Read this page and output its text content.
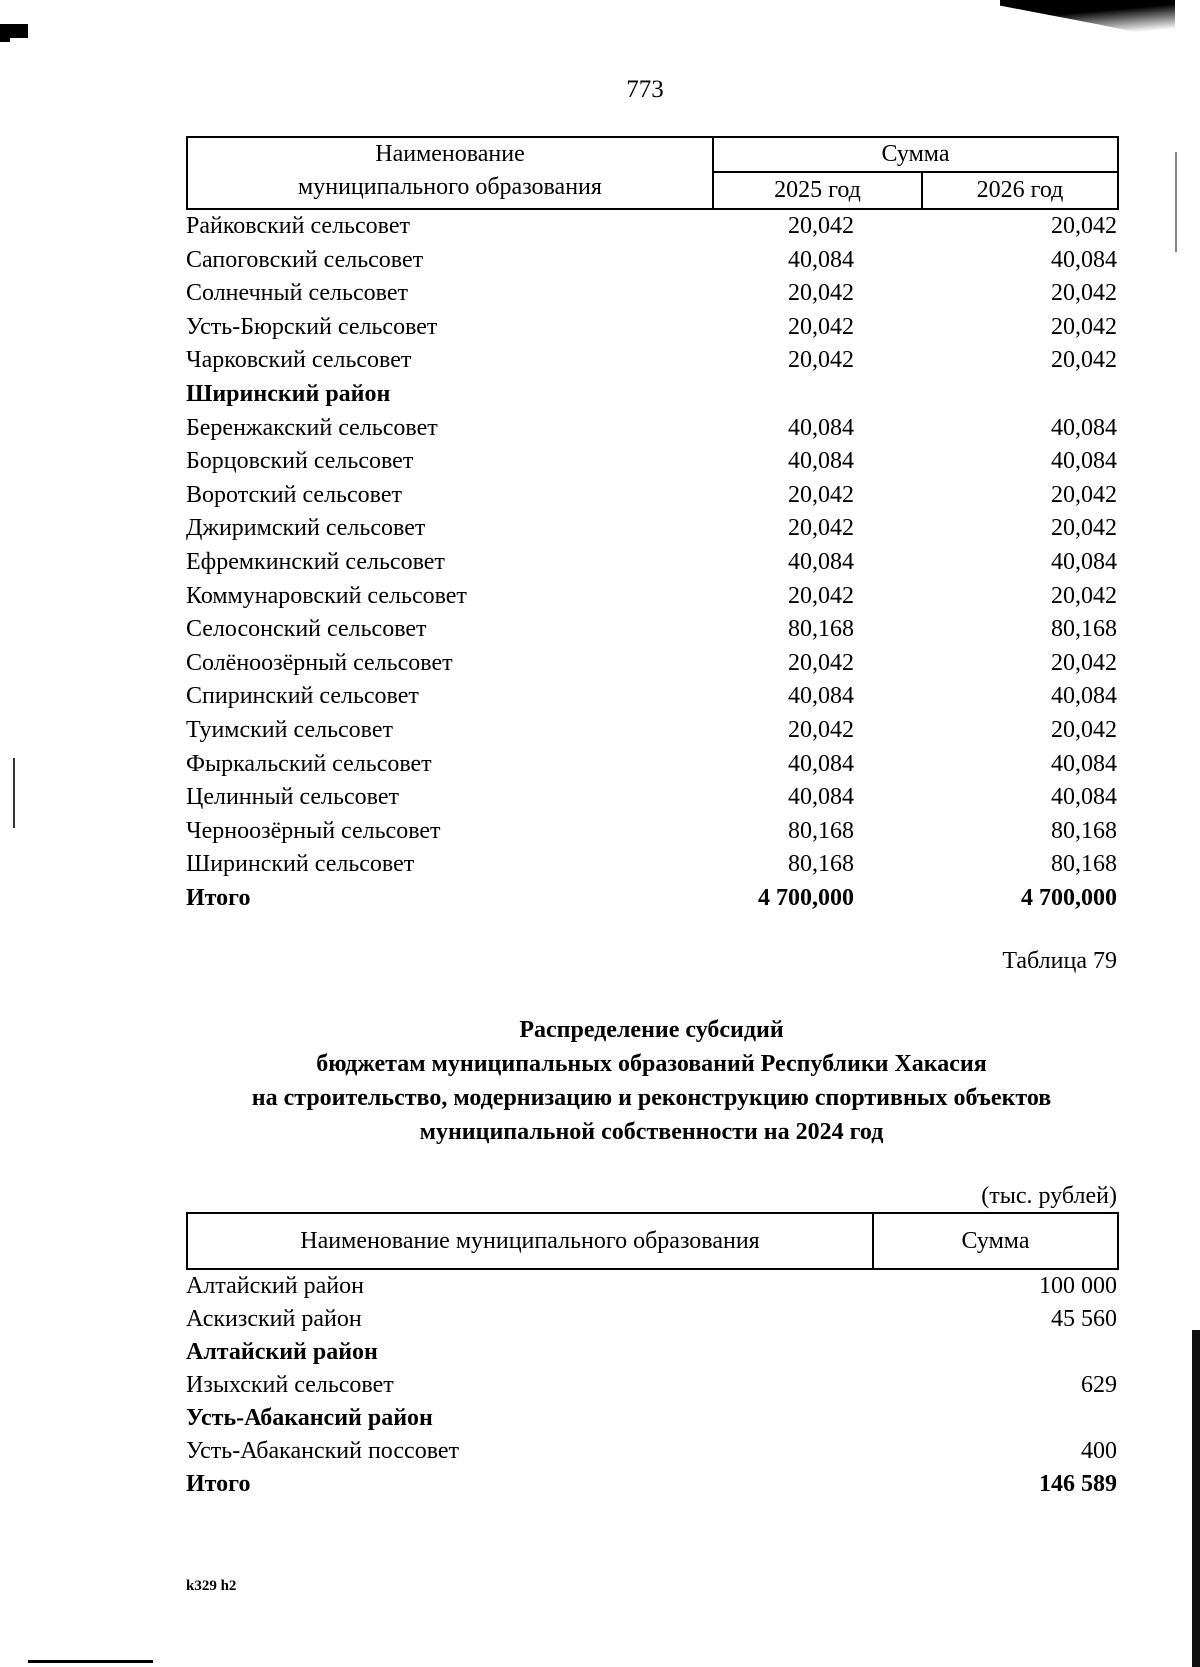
773
Наименование
муниципального образования
Сумма
2025 год	2026 год
Райковский сельсовет	20,042	20,042
Сапоговский сельсовет	40,084	40,084
Солнечный сельсовет	20,042	20,042
Усть-Бюрский сельсовет	20,042	20,042
Чарковский сельсовет	20,042	20,042
Ширинский район
Беренжакский сельсовет	40,084	40,084
Борцовский сельсовет	40,084	40,084
Воротский сельсовет	20,042	20,042
Джиримский сельсовет	20,042	20,042
Ефремкинский сельсовет	40,084	40,084
Коммунаровский сельсовет	20,042	20,042
Селосонский сельсовет	80,168	80,168
Солёноозёрный сельсовет	20,042	20,042
Спиринский сельсовет	40,084	40,084
Туимский сельсовет	20,042	20,042
Фыркальский сельсовет	40,084	40,084
Целинный сельсовет	40,084	40,084
Черноозёрный сельсовет	80,168	80,168
Ширинский сельсовет	80,168	80,168
Итого	4 700,000	4 700,000
Таблица 79
Распределение субсидий
бюджетам муниципальных образований Республики Хакасия
на строительство, модернизацию и реконструкцию спортивных объектов
муниципальной собственности на 2024 год
(тыс. рублей)
Наименование муниципального образования	Сумма
Алтайский район	100 000
Аскизский район	45 560
Алтайский район
Изыхский сельсовет	629
Усть-Абакансий район
Усть-Абаканский поссовет	400
Итого	146 589
k329 h2
